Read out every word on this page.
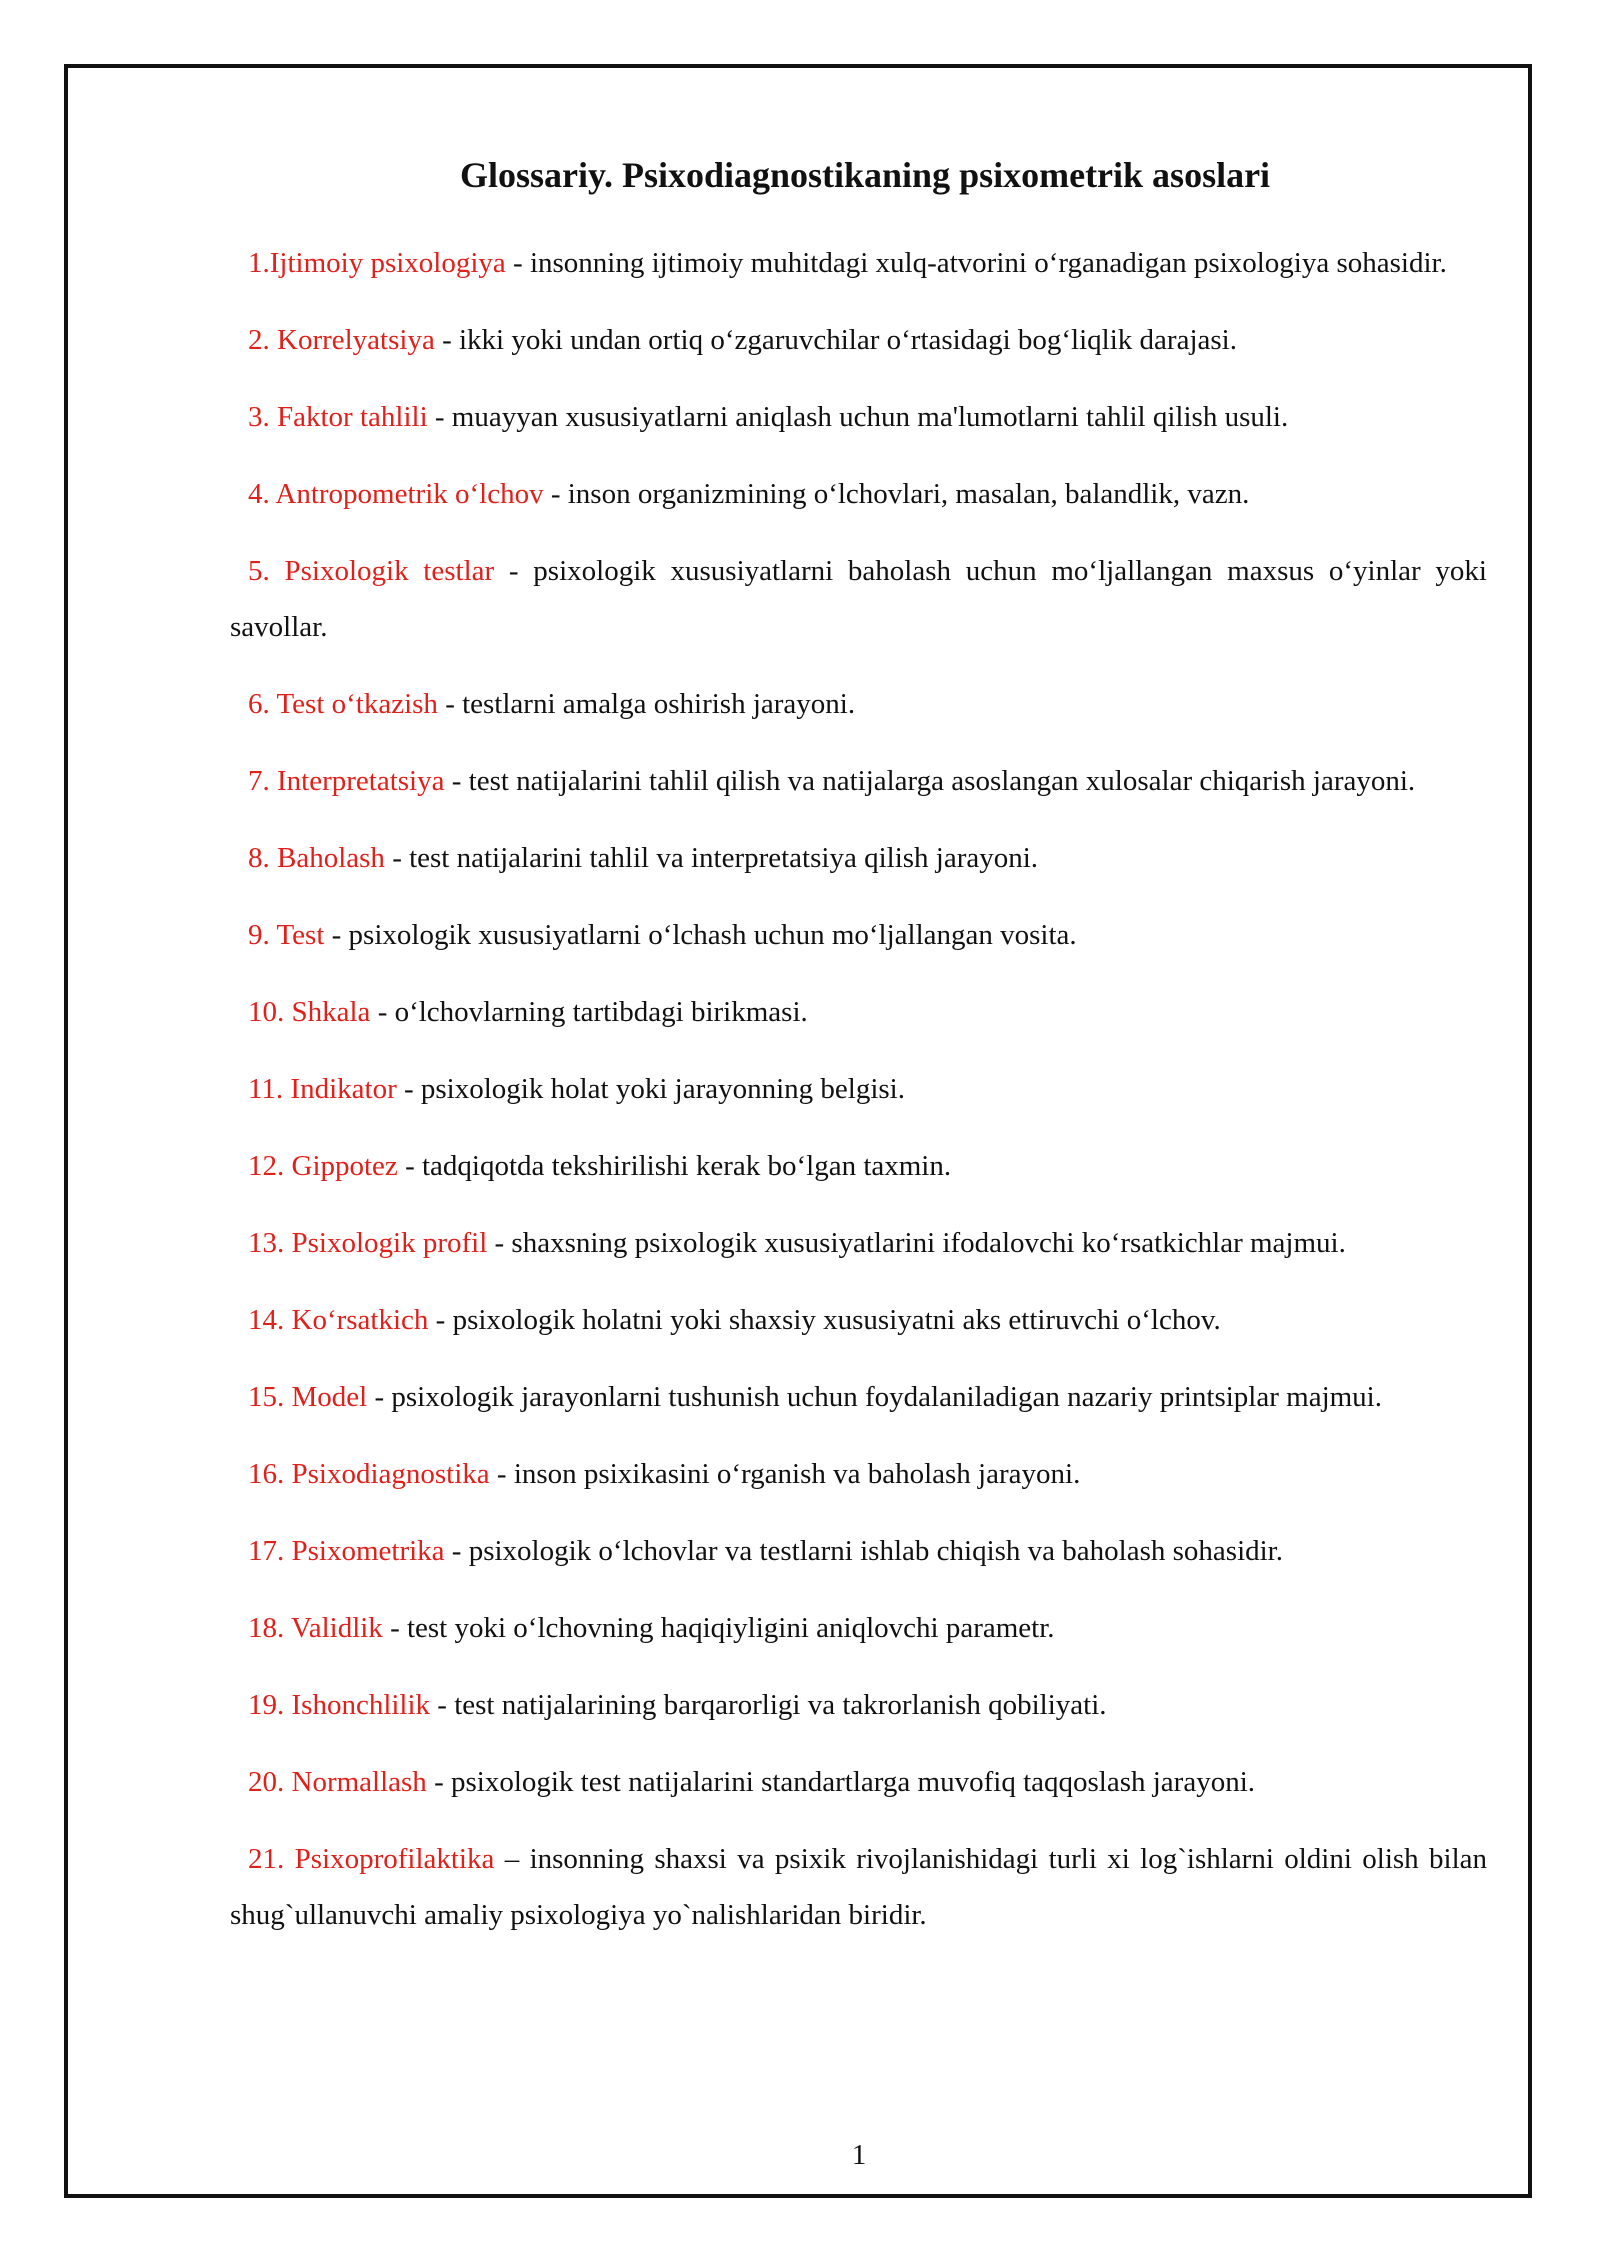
Glossariy. Psixodiagnostikaning psixometrik asoslari

1.Ijtimoiy psixologiya - insonning ijtimoiy muhitdagi xulq-atvorini o‘rganadigan psixologiya sohasidir.

2. Korrelyatsiya - ikki yoki undan ortiq o‘zgaruvchilar o‘rtasidagi bog‘liqlik darajasi.

3. Faktor tahlili - muayyan xususiyatlarni aniqlash uchun ma'lumotlarni tahlil qilish usuli.

4. Antropometrik o‘lchov - inson organizmining o‘lchovlari, masalan, balandlik, vazn.

5. Psixologik testlar - psixologik xususiyatlarni baholash uchun mo‘ljallangan maxsus o‘yinlar yoki savollar.

6. Test o‘tkazish - testlarni amalga oshirish jarayoni.

7. Interpretatsiya - test natijalarini tahlil qilish va natijalarga asoslangan xulosalar chiqarish jarayoni.

8. Baholash - test natijalarini tahlil va interpretatsiya qilish jarayoni.

9. Test - psixologik xususiyatlarni o‘lchash uchun mo‘ljallangan vosita.

10. Shkala - o‘lchovlarning tartibdagi birikmasi.

11. Indikator - psixologik holat yoki jarayonning belgisi.

12. Gippotez - tadqiqotda tekshirilishi kerak bo‘lgan taxmin.

13. Psixologik profil - shaxsning psixologik xususiyatlarini ifodalovchi ko‘rsatkichlar majmui.

14. Ko‘rsatkich - psixologik holatni yoki shaxsiy xususiyatni aks ettiruvchi o‘lchov.

15. Model - psixologik jarayonlarni tushunish uchun foydalaniladigan nazariy printsiplar majmui.

16. Psixodiagnostika - inson psixikasini o‘rganish va baholash jarayoni.

17. Psixometrika - psixologik o‘lchovlar va testlarni ishlab chiqish va baholash sohasidir.

18. Validlik - test yoki o‘lchovning haqiqiyligini aniqlovchi parametr.

19. Ishonchlilik - test natijalarining barqarorligi va takrorlanish qobiliyati.

20. Normallash - psixologik test natijalarini standartlarga muvofiq taqqoslash jarayoni.

21. Psixoprofilaktika – insonning shaxsi va psixik rivojlanishidagi turli xi log`ishlarni oldini olish bilan shug`ullanuvchi amaliy psixologiya yo`nalishlaridan biridir.

1
